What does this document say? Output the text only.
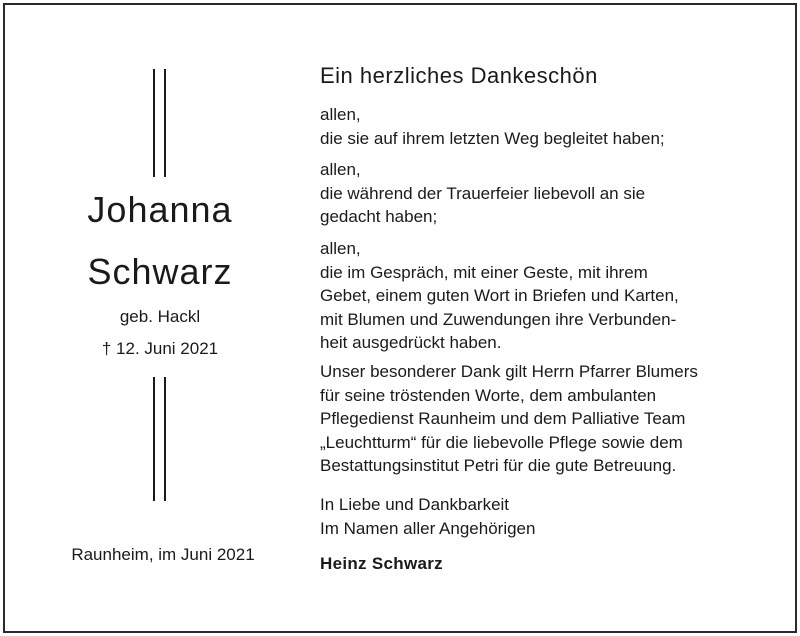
Johanna
Schwarz
geb. Hackl
† 12. Juni 2021
Raunheim, im Juni 2021
Ein herzliches Dankeschön
allen,
die sie auf ihrem letzten Weg begleitet haben;
allen,
die während der Trauerfeier liebevoll an sie
gedacht haben;
allen,
die im Gespräch, mit einer Geste, mit ihrem
Gebet, einem guten Wort in Briefen und Karten,
mit Blumen und Zuwendungen ihre Verbunden-
heit ausgedrückt haben.
Unser besonderer Dank gilt Herrn Pfarrer Blumers
für seine tröstenden Worte, dem ambulanten
Pflegedienst Raunheim und dem Palliative Team
„Leuchtturm“ für die liebevolle Pflege sowie dem
Bestattungsinstitut Petri für die gute Betreuung.
In Liebe und Dankbarkeit
Im Namen aller Angehörigen
Heinz Schwarz
